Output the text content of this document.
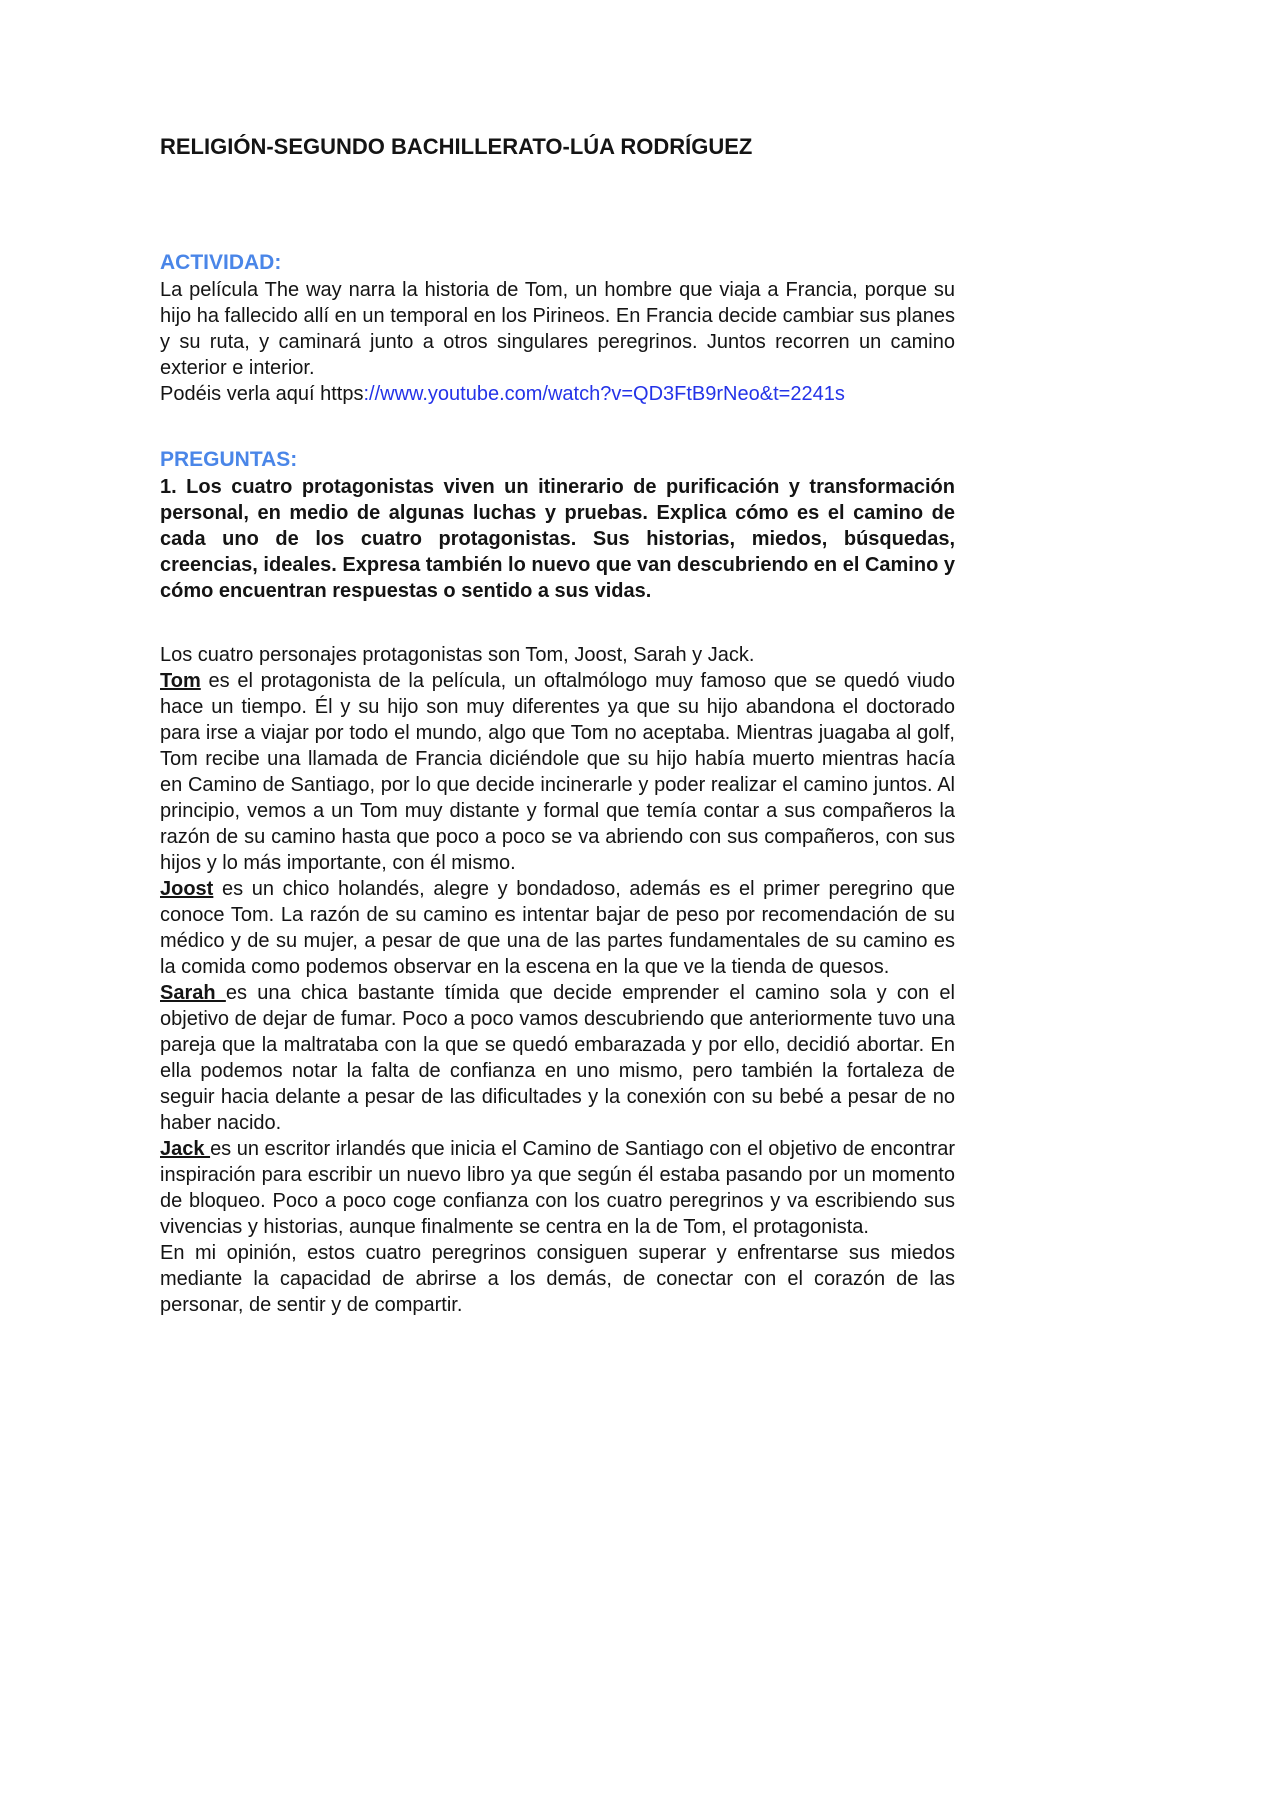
RELIGIÓN-SEGUNDO BACHILLERATO-LÚA RODRÍGUEZ
ACTIVIDAD:

La película The way narra la historia de Tom, un hombre que viaja a Francia, porque su hijo ha fallecido allí en un temporal en los Pirineos. En Francia decide cambiar sus planes y su ruta, y caminará junto a otros singulares peregrinos. Juntos recorren un camino exterior e interior.

Podéis verla aquí https://www.youtube.com/watch?v=QD3FtB9rNeo&t=2241s

PREGUNTAS:

1. Los cuatro protagonistas viven un itinerario de purificación y transformación personal, en medio de algunas luchas y pruebas. Explica cómo es el camino de cada uno de los cuatro protagonistas. Sus historias, miedos, búsquedas, creencias, ideales. Expresa también lo nuevo que van descubriendo en el Camino y cómo encuentran respuestas o sentido a sus vidas.

Los cuatro personajes protagonistas son Tom, Joost, Sarah y Jack.

Tom es el protagonista de la película, un oftalmólogo muy famoso que se quedó viudo hace un tiempo. Él y su hijo son muy diferentes ya que su hijo abandona el doctorado para irse a viajar por todo el mundo, algo que Tom no aceptaba. Mientras juagaba al golf, Tom recibe una llamada de Francia diciéndole que su hijo había muerto mientras hacía en Camino de Santiago, por lo que decide incinerarle y poder realizar el camino juntos. Al principio, vemos a un Tom muy distante y formal que temía contar a sus compañeros la razón de su camino hasta que poco a poco se va abriendo con sus compañeros, con sus hijos y lo más importante, con él mismo.

Joost es un chico holandés, alegre y bondadoso, además es el primer peregrino que conoce Tom. La razón de su camino es intentar bajar de peso por recomendación de su médico y de su mujer, a pesar de que una de las partes fundamentales de su camino es la comida como podemos observar en la escena en la que ve la tienda de quesos.

Sarah es una chica bastante tímida que decide emprender el camino sola y con el objetivo de dejar de fumar. Poco a poco vamos descubriendo que anteriormente tuvo una pareja que la maltrataba con la que se quedó embarazada y por ello, decidió abortar. En ella podemos notar la falta de confianza en uno mismo, pero también la fortaleza de seguir hacia delante a pesar de las dificultades y la conexión con su bebé a pesar de no haber nacido.

Jack es un escritor irlandés que inicia el Camino de Santiago con el objetivo de encontrar inspiración para escribir un nuevo libro ya que según él estaba pasando por un momento de bloqueo. Poco a poco coge confianza con los cuatro peregrinos y va escribiendo sus vivencias y historias, aunque finalmente se centra en la de Tom, el protagonista.

En mi opinión, estos cuatro peregrinos consiguen superar y enfrentarse sus miedos mediante la capacidad de abrirse a los demás, de conectar con el corazón de las personar, de sentir y de compartir.
